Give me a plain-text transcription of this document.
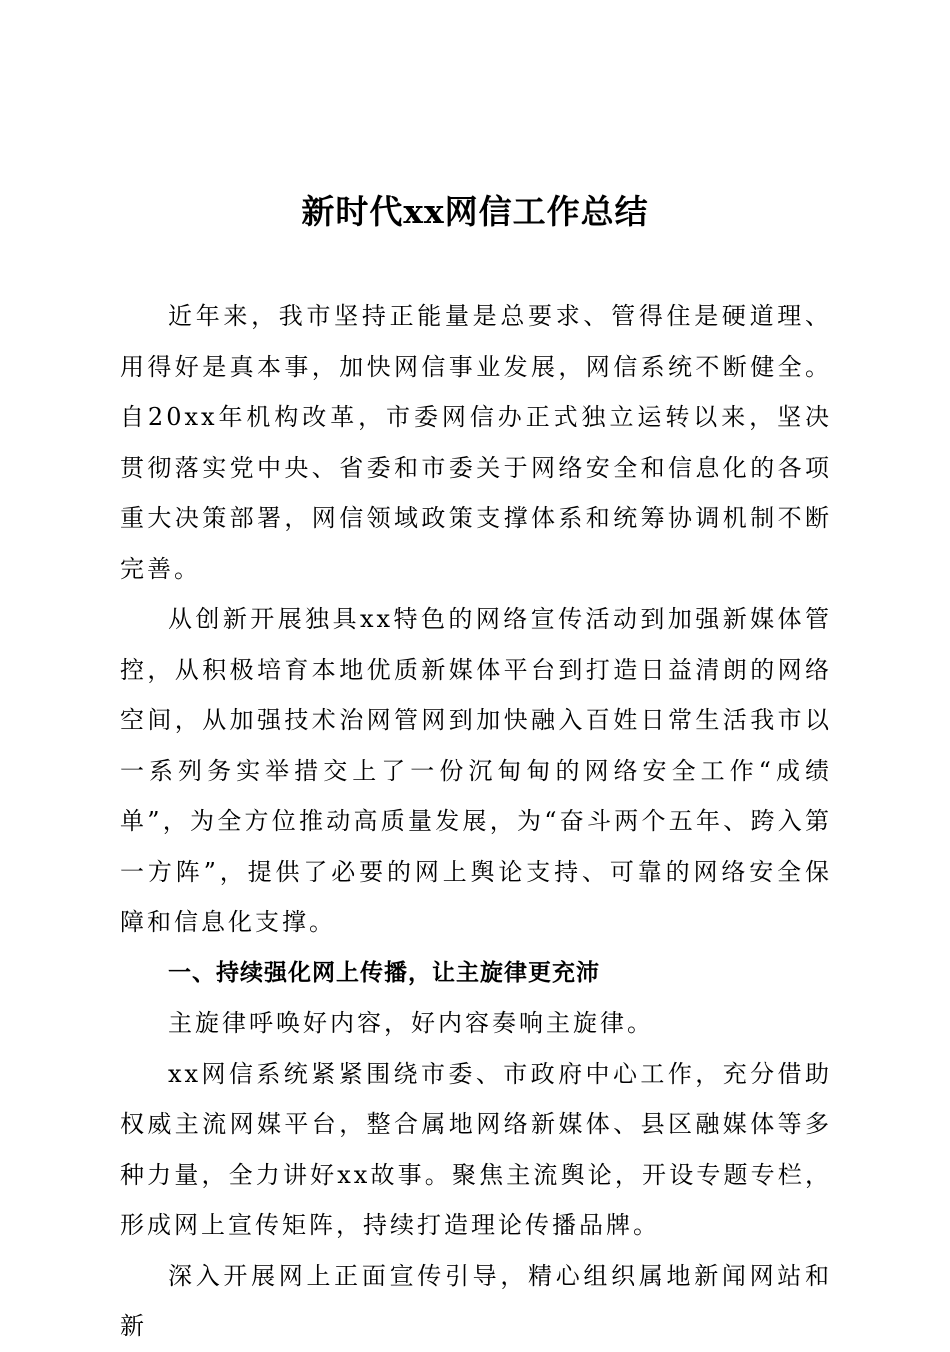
新时代xx网信工作总结

近年来，我市坚持正能量是总要求、管得住是硬道理、用得好是真本事，加快网信事业发展，网信系统不断健全。自20xx年机构改革，市委网信办正式独立运转以来，坚决贯彻落实党中央、省委和市委关于网络安全和信息化的各项重大决策部署，网信领域政策支撑体系和统筹协调机制不断完善。

从创新开展独具xx特色的网络宣传活动到加强新媒体管控，从积极培育本地优质新媒体平台到打造日益清朗的网络空间，从加强技术治网管网到加快融入百姓日常生活我市以一系列务实举措交上了一份沉甸甸的网络安全工作“成绩单”，为全方位推动高质量发展，为“奋斗两个五年、跨入第一方阵”，提供了必要的网上舆论支持、可靠的网络安全保障和信息化支撑。

一、持续强化网上传播，让主旋律更充沛

主旋律呼唤好内容，好内容奏响主旋律。

xx网信系统紧紧围绕市委、市政府中心工作，充分借助权威主流网媒平台，整合属地网络新媒体、县区融媒体等多种力量，全力讲好xx故事。聚焦主流舆论，开设专题专栏，形成网上宣传矩阵，持续打造理论传播品牌。

深入开展网上正面宣传引导，精心组织属地新闻网站和新
